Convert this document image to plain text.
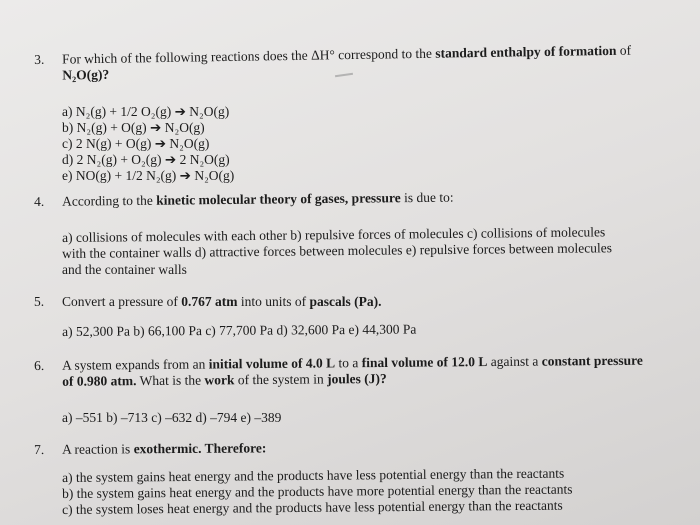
3. For which of the following reactions does the ΔH° correspond to the standard enthalpy of formation of
N₂O(g)?
a) N₂(g) + 1/2 O₂(g) ➔ N₂O(g)
b) N₂(g) + O(g) ➔ N₂O(g)
c) 2 N(g) + O(g) ➔ N₂O(g)
d) 2 N₂(g) + O₂(g) ➔ 2 N₂O(g)
e) NO(g) + 1/2 N₂(g) ➔ N₂O(g)
4. According to the kinetic molecular theory of gases, pressure is due to:
a) collisions of molecules with each other b) repulsive forces of molecules c) collisions of molecules
with the container walls d) attractive forces between molecules e) repulsive forces between molecules
and the container walls
5. Convert a pressure of 0.767 atm into units of pascals (Pa).
a) 52,300 Pa b) 66,100 Pa c) 77,700 Pa d) 32,600 Pa e) 44,300 Pa
6. A system expands from an initial volume of 4.0 L to a final volume of 12.0 L against a constant pressure
of 0.980 atm. What is the work of the system in joules (J)?
a) –551 b) –713 c) –632 d) –794 e) –389
7. A reaction is exothermic. Therefore:
a) the system gains heat energy and the products have less potential energy than the reactants
b) the system gains heat energy and the products have more potential energy than the reactants
c) the system loses heat energy and the products have less potential energy than the reactants
